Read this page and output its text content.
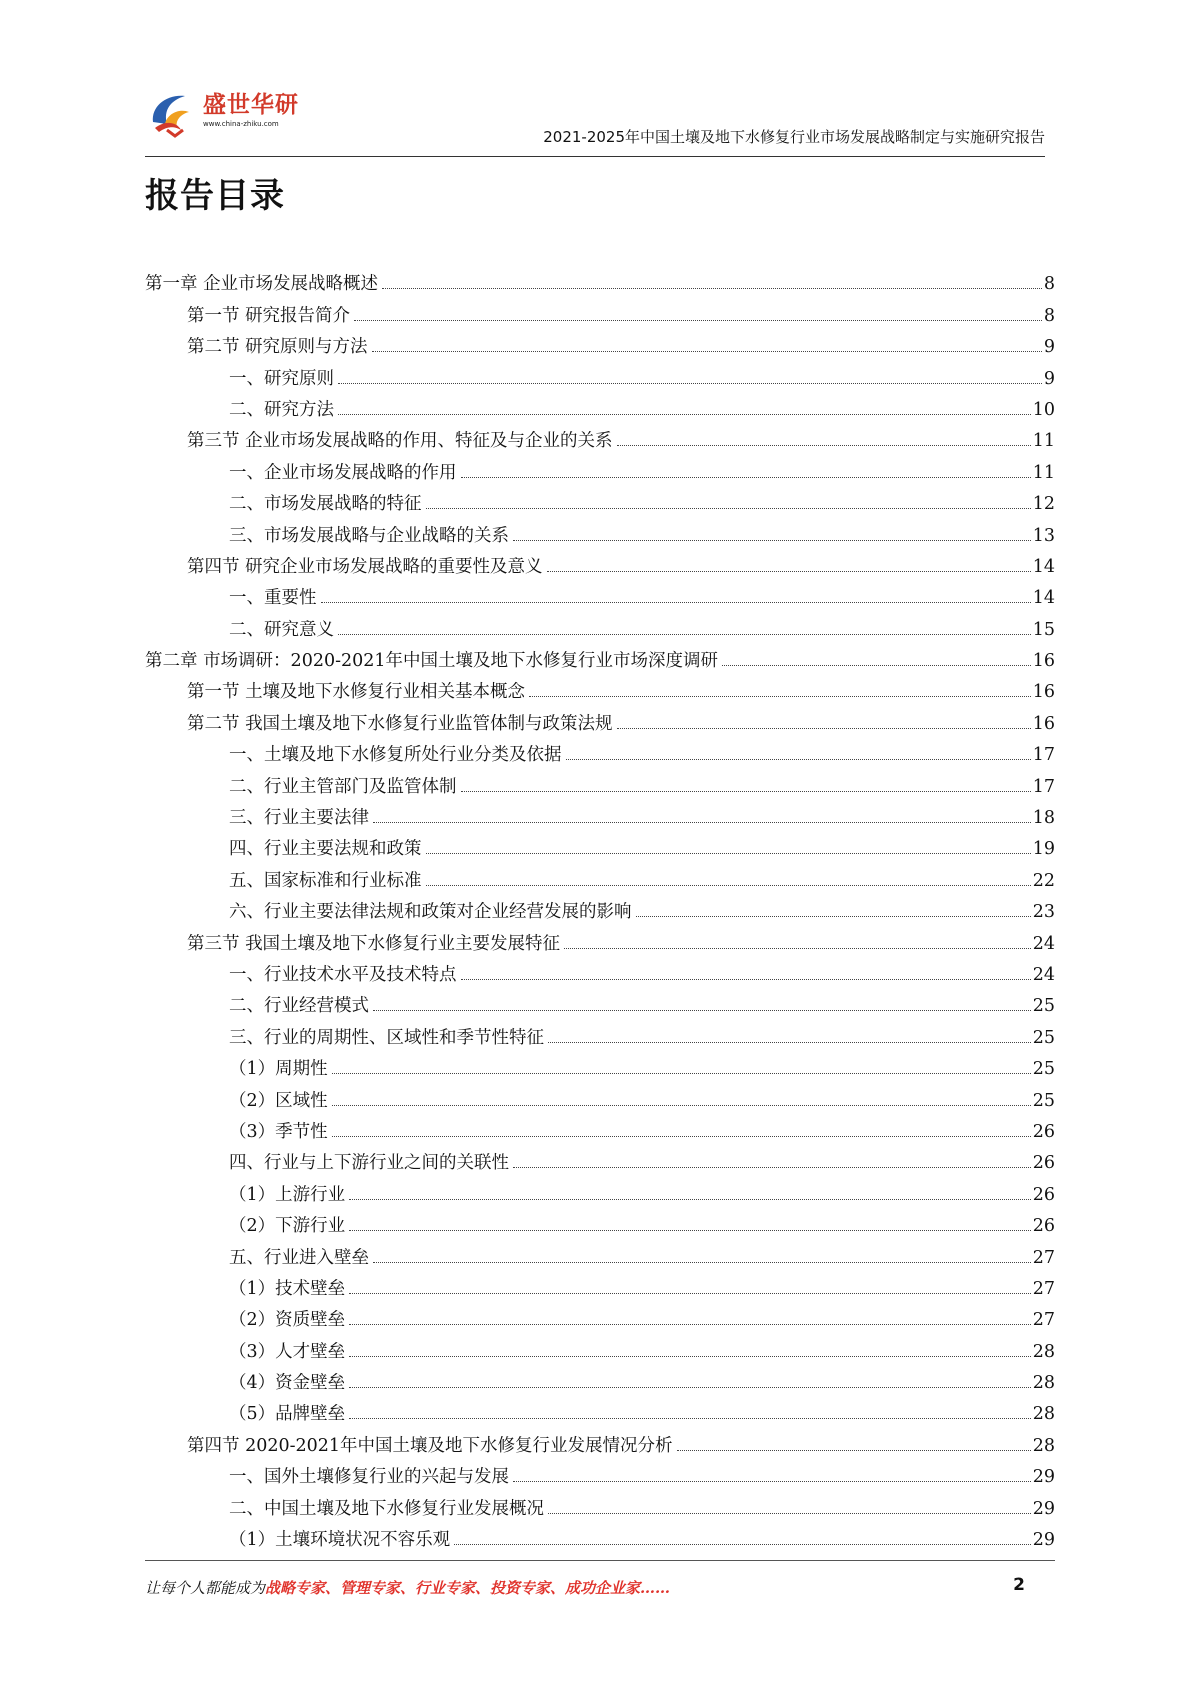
盛世华研
www.china-zhiku.com
2021-2025年中国土壤及地下水修复行业市场发展战略制定与实施研究报告
报告目录
第一章 企业市场发展战略概述	8
第一节 研究报告简介	8
第二节 研究原则与方法	9
一、研究原则	9
二、研究方法	10
第三节 企业市场发展战略的作用、特征及与企业的关系	11
一、企业市场发展战略的作用	11
二、市场发展战略的特征	12
三、市场发展战略与企业战略的关系	13
第四节 研究企业市场发展战略的重要性及意义	14
一、重要性	14
二、研究意义	15
第二章 市场调研：2020-2021年中国土壤及地下水修复行业市场深度调研	16
第一节 土壤及地下水修复行业相关基本概念	16
第二节 我国土壤及地下水修复行业监管体制与政策法规	16
一、土壤及地下水修复所处行业分类及依据	17
二、行业主管部门及监管体制	17
三、行业主要法律	18
四、行业主要法规和政策	19
五、国家标准和行业标准	22
六、行业主要法律法规和政策对企业经营发展的影响	23
第三节 我国土壤及地下水修复行业主要发展特征	24
一、行业技术水平及技术特点	24
二、行业经营模式	25
三、行业的周期性、区域性和季节性特征	25
（1）周期性	25
（2）区域性	25
（3）季节性	26
四、行业与上下游行业之间的关联性	26
（1）上游行业	26
（2）下游行业	26
五、行业进入壁垒	27
（1）技术壁垒	27
（2）资质壁垒	27
（3）人才壁垒	28
（4）资金壁垒	28
（5）品牌壁垒	28
第四节 2020-2021年中国土壤及地下水修复行业发展情况分析	28
一、国外土壤修复行业的兴起与发展	29
二、中国土壤及地下水修复行业发展概况	29
（1）土壤环境状况不容乐观	29
让每个人都能成为战略专家、管理专家、行业专家、投资专家、成功企业家……	2
